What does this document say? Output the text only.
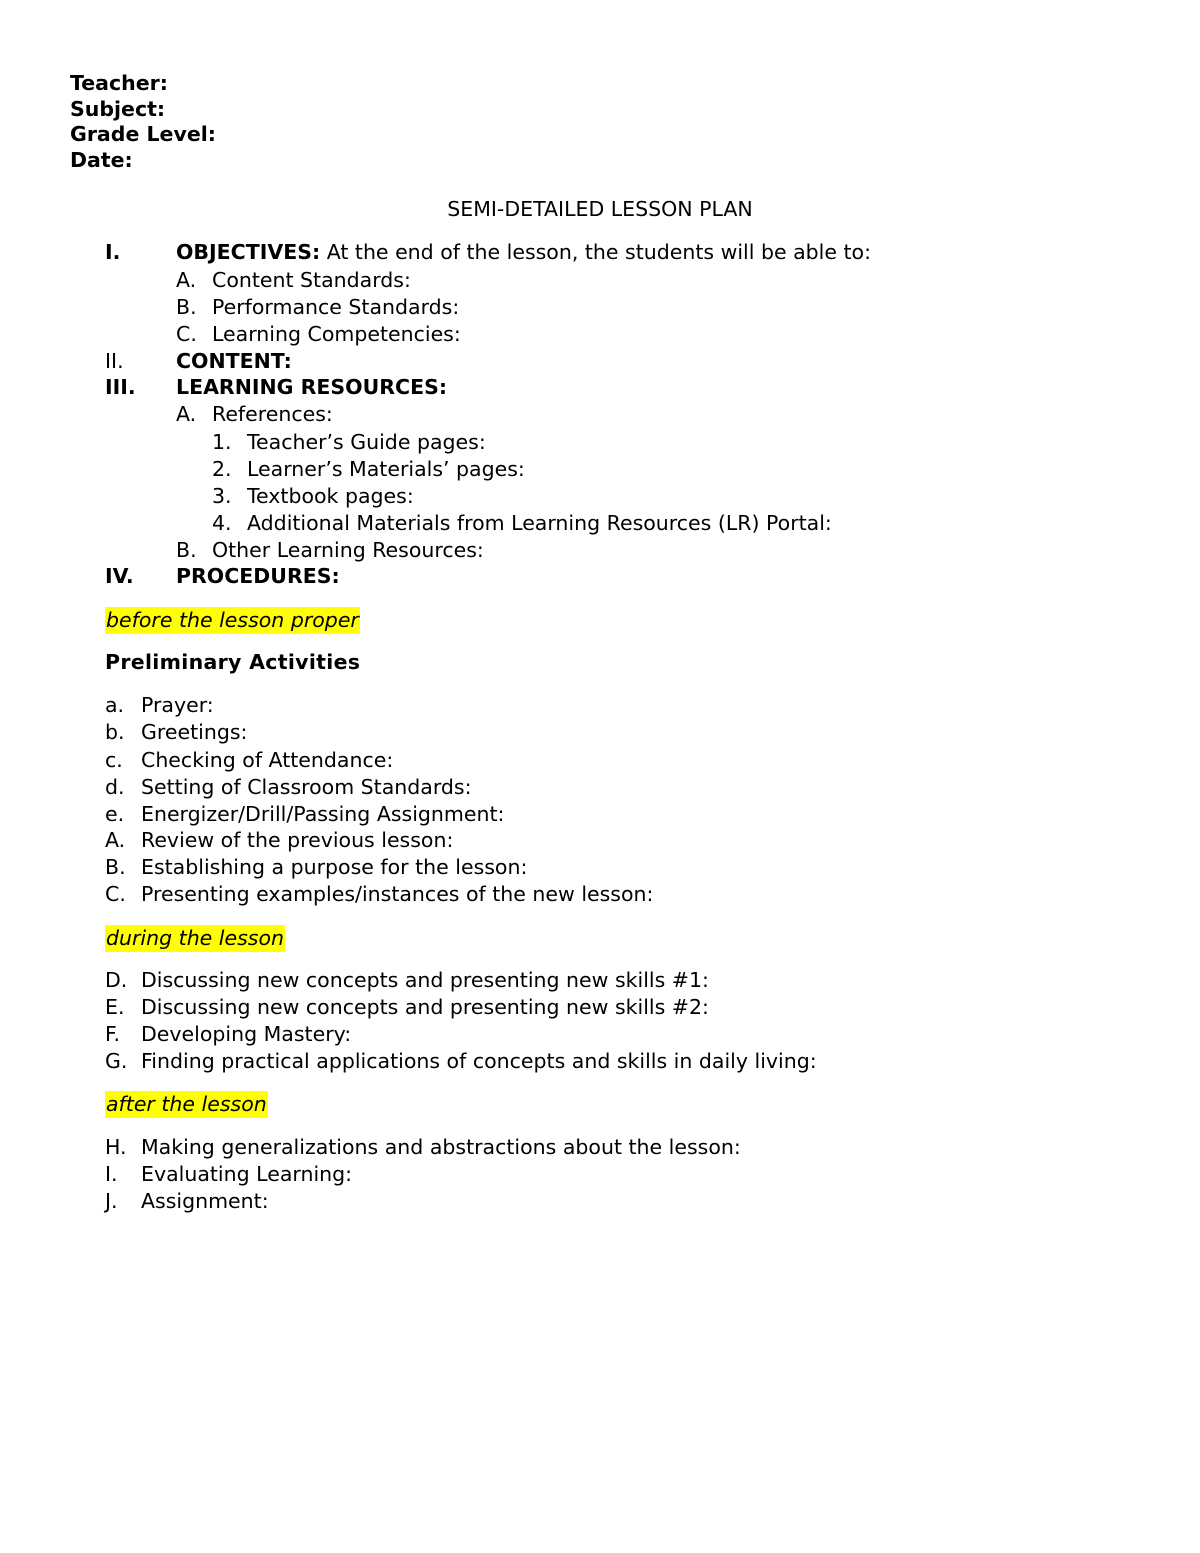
Teacher:
Subject:
Grade Level:
Date:
SEMI-DETAILED LESSON PLAN
I.	OBJECTIVES: At the end of the lesson, the students will be able to:
A. Content Standards:
B. Performance Standards:
C. Learning Competencies:
II.	CONTENT:
III. LEARNING RESOURCES:
A. References:
1. Teacher’s Guide pages:
2. Learner’s Materials’ pages:
3. Textbook pages:
4. Additional Materials from Learning Resources (LR) Portal:
B. Other Learning Resources:
IV. PROCEDURES:
before the lesson proper
Preliminary Activities
a. Prayer:
b. Greetings:
c. Checking of Attendance:
d. Setting of Classroom Standards:
e. Energizer/Drill/Passing Assignment:
A. Review of the previous lesson:
B. Establishing a purpose for the lesson:
C. Presenting examples/instances of the new lesson:
during the lesson
D. Discussing new concepts and presenting new skills #1:
E. Discussing new concepts and presenting new skills #2:
F. Developing Mastery:
G. Finding practical applications of concepts and skills in daily living:
after the lesson
H. Making generalizations and abstractions about the lesson:
I. Evaluating Learning:
J. Assignment:
